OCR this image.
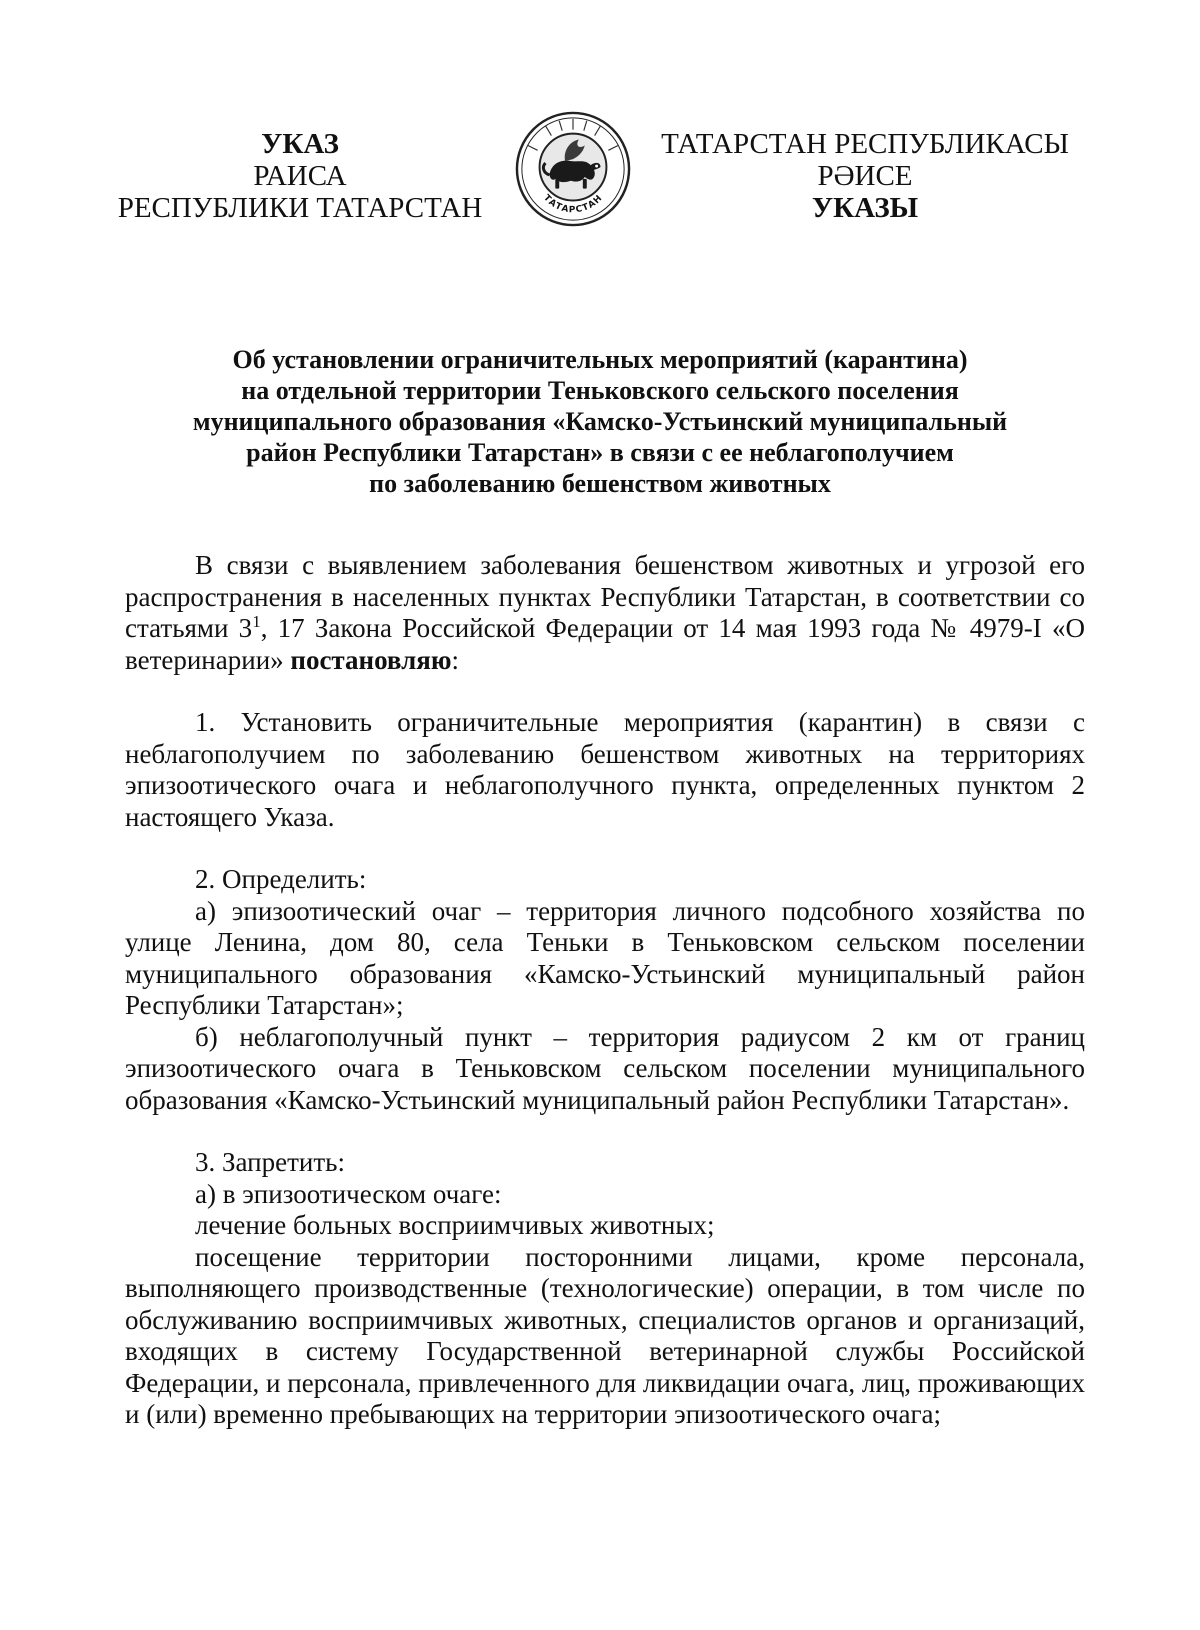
УКАЗ
РАИСА
РЕСПУБЛИКИ ТАТАРСТАН	ТАТАРСТАН
ТАТАРСТАН РЕСПУБЛИКАСЫ
РӘИСЕ
УКАЗЫ
Об установлении ограничительных мероприятий (карантина)
на отдельной территории Теньковского сельского поселения
муниципального образования «Камско-Устьинский муниципальный
район Республики Татарстан» в связи с ее неблагополучием
по заболеванию бешенством животных

В связи с выявлением заболевания бешенством животных и угрозой его распространения в населенных пунктах Республики Татарстан, в соответствии со статьями $3^1$, 17 Закона Российской Федерации от 14 мая 1993 года № 4979-I «О ветеринарии» постановляю:

1. Установить ограничительные мероприятия (карантин) в связи с неблагополучием по заболеванию бешенством животных на территориях эпизоотического очага и неблагополучного пункта, определенных пунктом 2 настоящего Указа.

2. Определить:

а) эпизоотический очаг – территория личного подсобного хозяйства по улице Ленина, дом 80, села Теньки в Теньковском сельском поселении муниципального образования «Камско-Устьинский муниципальный район Республики Татарстан»;

б) неблагополучный пункт – территория радиусом 2 км от границ эпизоотического очага в Теньковском сельском поселении муниципального образования «Камско-Устьинский муниципальный район Республики Татарстан».

3. Запретить:

а) в эпизоотическом очаге:

лечение больных восприимчивых животных;

посещение территории посторонними лицами, кроме персонала, выполняющего производственные (технологические) операции, в том числе по обслуживанию восприимчивых животных, специалистов органов и организаций, входящих в систему Государственной ветеринарной службы Российской Федерации, и персонала, привлеченного для ликвидации очага, лиц, проживающих и (или) временно пребывающих на территории эпизоотического очага;
